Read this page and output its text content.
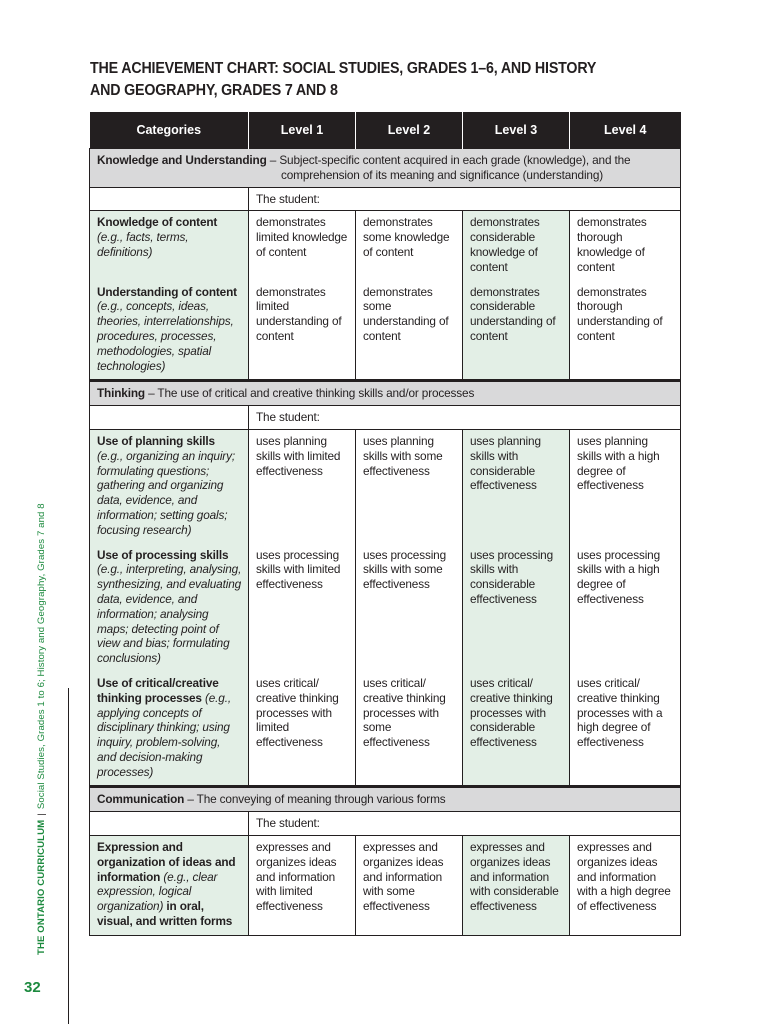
THE ONTARIO CURRICULUM|Social Studies, Grades 1 to 6; History and Geography, Grades 7 and 8
32
THE ACHIEVEMENT CHART: SOCIAL STUDIES, GRADES 1–6, AND HISTORY
AND GEOGRAPHY, GRADES 7 AND 8
Categories	Level 1	Level 2	Level 3	Level 4
Knowledge and Understanding – Subject-specific content acquired in each grade (knowledge), and the comprehension of its meaning and significance (understanding)				
	The student:			
Knowledge of content
(e.g., facts, terms, definitions)	demonstrates limited knowledge of content	demonstrates some knowledge of content	demonstrates considerable knowledge of content	demonstrates thorough knowledge of content
Understanding of content
(e.g., concepts, ideas, theories, interrelationships, procedures, processes, methodologies, spatial technologies)	demonstrates limited understanding of content	demonstrates some understanding of content	demonstrates considerable understanding of content	demonstrates thorough understanding of content
Thinking – The use of critical and creative thinking skills and/or processes				
	The student:			
Use of planning skills
(e.g., organizing an inquiry; formulating questions; gathering and organizing data, evidence, and information; setting goals; focusing research)	uses planning skills with limited effectiveness	uses planning skills with some effectiveness	uses planning skills with considerable effectiveness	uses planning skills with a high degree of effectiveness
Use of processing skills
(e.g., interpreting, analysing, synthesizing, and evaluating data, evidence, and information; analysing maps; detecting point of view and bias; formulating conclusions)	uses processing skills with limited effectiveness	uses processing skills with some effectiveness	uses processing skills with considerable effectiveness	uses processing skills with a high degree of effectiveness
Use of critical/creative thinking processes (e.g., applying concepts of disciplinary thinking; using inquiry, problem-solving, and decision-making processes)	uses critical/ creative thinking processes with limited effectiveness	uses critical/ creative thinking processes with some effectiveness	uses critical/ creative thinking processes with considerable effectiveness	uses critical/ creative thinking processes with a high degree of effectiveness
Communication – The conveying of meaning through various forms				
	The student:			
Expression and organization of ideas and information (e.g., clear expression, logical organization) in oral, visual, and written forms	expresses and organizes ideas and information with limited effectiveness	expresses and organizes ideas and information with some effectiveness	expresses and organizes ideas and information with considerable effectiveness	expresses and organizes ideas and information with a high degree of effectiveness
